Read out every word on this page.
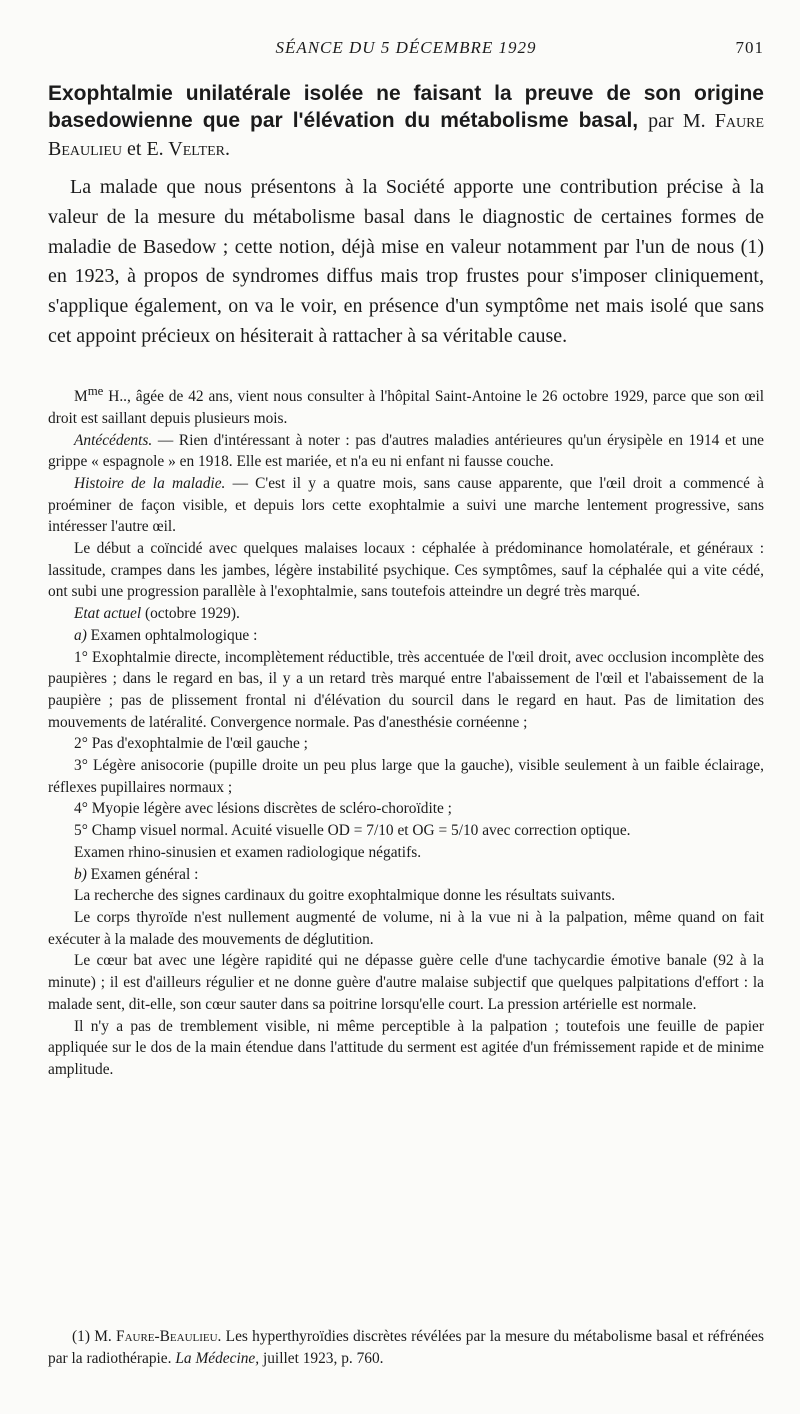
SÉANCE DU 5 DÉCEMBRE 1929	701
Exophtalmie unilatérale isolée ne faisant la preuve de son origine basedowienne que par l'élévation du métabolisme basal, par M. Faure Beaulieu et E. Velter.

La malade que nous présentons à la Société apporte une contribution précise à la valeur de la mesure du métabolisme basal dans le diagnostic de certaines formes de maladie de Basedow ; cette notion, déjà mise en valeur notamment par l'un de nous (1) en 1923, à propos de syndromes diffus mais trop frustes pour s'imposer cliniquement, s'applique également, on va le voir, en présence d'un symptôme net mais isolé que sans cet appoint précieux on hésiterait à rattacher à sa véritable cause.

$M^{me}$ H.., âgée de 42 ans, vient nous consulter à l'hôpital Saint-Antoine le 26 octobre 1929, parce que son œil droit est saillant depuis plusieurs mois.

Antécédents. — Rien d'intéressant à noter : pas d'autres maladies antérieures qu'un érysipèle en 1914 et une grippe « espagnole » en 1918. Elle est mariée, et n'a eu ni enfant ni fausse couche.

Histoire de la maladie. — C'est il y a quatre mois, sans cause apparente, que l'œil droit a commencé à proéminer de façon visible, et depuis lors cette exophtalmie a suivi une marche lentement progressive, sans intéresser l'autre œil.

Le début a coïncidé avec quelques malaises locaux : céphalée à prédominance homolatérale, et généraux : lassitude, crampes dans les jambes, légère instabilité psychique. Ces symptômes, sauf la céphalée qui a vite cédé, ont subi une progression parallèle à l'exophtalmie, sans toutefois atteindre un degré très marqué.

Etat actuel (octobre 1929).

a) Examen ophtalmologique :

1° Exophtalmie directe, incomplètement réductible, très accentuée de l'œil droit, avec occlusion incomplète des paupières ; dans le regard en bas, il y a un retard très marqué entre l'abaissement de l'œil et l'abaissement de la paupière ; pas de plissement frontal ni d'élévation du sourcil dans le regard en haut. Pas de limitation des mouvements de latéralité. Convergence normale. Pas d'anesthésie cornéenne ;

2° Pas d'exophtalmie de l'œil gauche ;

3° Légère anisocorie (pupille droite un peu plus large que la gauche), visible seulement à un faible éclairage, réflexes pupillaires normaux ;

4° Myopie légère avec lésions discrètes de scléro-choroïdite ;

5° Champ visuel normal. Acuité visuelle OD = 7/10 et OG = 5/10 avec correction optique.

Examen rhino-sinusien et examen radiologique négatifs.

b) Examen général :

La recherche des signes cardinaux du goitre exophtalmique donne les résultats suivants.

Le corps thyroïde n'est nullement augmenté de volume, ni à la vue ni à la palpation, même quand on fait exécuter à la malade des mouvements de déglutition.

Le cœur bat avec une légère rapidité qui ne dépasse guère celle d'une tachycardie émotive banale (92 à la minute) ; il est d'ailleurs régulier et ne donne guère d'autre malaise subjectif que quelques palpitations d'effort : la malade sent, dit-elle, son cœur sauter dans sa poitrine lorsqu'elle court. La pression artérielle est normale.

Il n'y a pas de tremblement visible, ni même perceptible à la palpation ; toutefois une feuille de papier appliquée sur le dos de la main étendue dans l'attitude du serment est agitée d'un frémissement rapide et de minime amplitude.

(1) M. Faure-Beaulieu. Les hyperthyroïdies discrètes révélées par la mesure du métabolisme basal et réfrénées par la radiothérapie. La Médecine, juillet 1923, p. 760.
